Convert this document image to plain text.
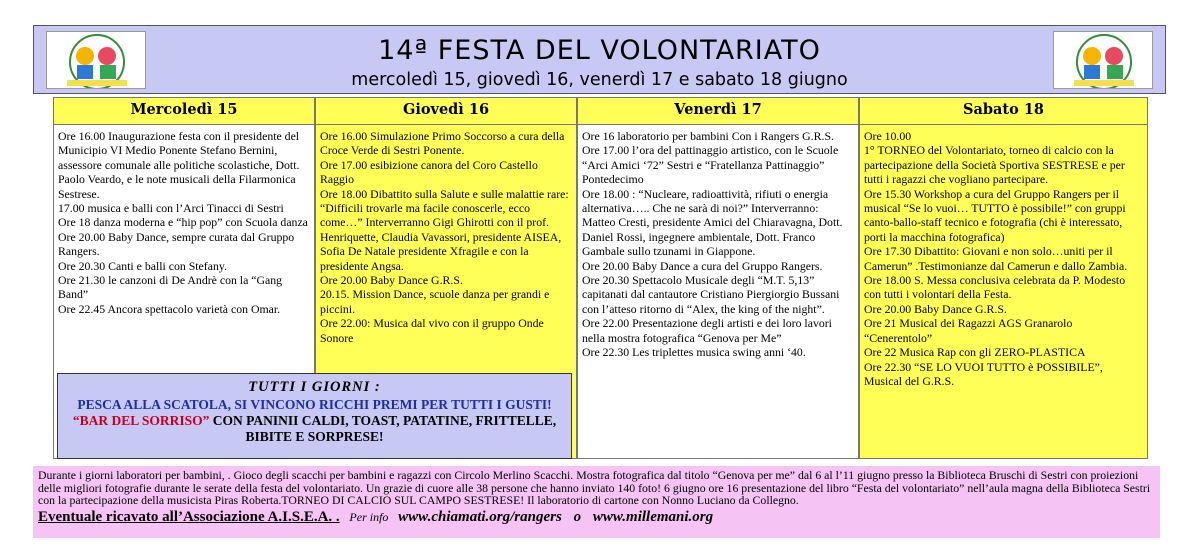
14ª FESTA DEL VOLONTARIATO
mercoledì 15, giovedì 16, venerdì 17 e sabato 18 giugno
Mercoledì 15

Ore 16.00 Inaugurazione festa con il presidente del Municipio VI Medio Ponente Stefano Bernini, assessore comunale alle politiche scolastiche, Dott. Paolo Veardo, e le note musicali della Filarmonica Sestrese.

17.00 musica e balli con l’Arci Tinacci di Sestri

Ore 18 danza moderna e “hip pop” con Scuola danza

Ore 20.00 Baby Dance, sempre curata dal Gruppo Rangers.

Ore 20.30 Canti e balli con Stefany.

Ore 21.30 le canzoni di De Andrè con la “Gang Band”

Ore 22.45 Ancora spettacolo varietà con Omar.

Giovedì 16

Ore 16.00 Simulazione Primo Soccorso a cura della Croce Verde di Sestri Ponente.

Ore 17.00 esibizione canora del Coro Castello Raggio

Ore 18.00 Dibattito sulla Salute e sulle malattie rare: “Difficili trovarle ma facile conoscerle, ecco come…” Interverranno Gigi Ghirotti con il prof. Henriquette, Claudia Vavassori, presidente AISEA, Sofia De Natale presidente Xfragile e con la presidente Angsa.

Ore 20.00 Baby Dance G.R.S.

20.15. Mission Dance, scuole danza per grandi e piccini.

Ore 22.00: Musica dal vivo con il gruppo Onde Sonore

Venerdì 17

Ore 16 laboratorio per bambini Con i Rangers G.R.S.

Ore 17.00 l’ora del pattinaggio artistico, con le Scuole “Arci Amici ‘72” Sestri e “Fratellanza Pattinaggio” Pontedecimo

Ore 18.00 : “Nucleare, radioattività, rifiuti o energia alternativa….. Che ne sarà di noi?” Interverranno: Matteo Cresti, presidente Amici del Chiaravagna, Dott. Daniel Rossi, ingegnere ambientale, Dott. Franco Gambale sullo tzunami in Giappone.

Ore 20.00 Baby Dance a cura del Gruppo Rangers.

Ore 20.30 Spettacolo Musicale degli “M.T. 5,13” capitanati dal cantautore Cristiano Piergiorgio Bussani con l’atteso ritorno di “Alex, the king of the night”.

Ore 22.00 Presentazione degli artisti e dei loro lavori nella mostra fotografica “Genova per Me”

Ore 22.30 Les triplettes musica swing anni ‘40.

Sabato 18

Ore 10.00

1° TORNEO del Volontariato, torneo di calcio con la partecipazione della Società Sportiva SESTRESE e per tutti i ragazzi che vogliano partecipare.

Ore 15.30 Workshop a cura del Gruppo Rangers per il musical “Se lo vuoi… TUTTO è possibile!” con gruppi canto-ballo-staff tecnico e fotografia (chi è interessato, porti la macchina fotografica)

Ore 17.30 Dibattito: Giovani e non solo…uniti per il Camerun” .Testimonianze dal Camerun e dallo Zambia.

Ore 18.00 S. Messa conclusiva celebrata da P. Modesto con tutti i volontari della Festa.

Ore 20.00 Baby Dance G.R.S.

Ore 21 Musical dei Ragazzi AGS Granarolo “Cenerentolo”

Ore 22 Musica Rap con gli ZERO-PLASTICA

Ore 22.30 “SE LO VUOI TUTTO è POSSIBILE”, Musical del G.R.S.

TUTTI I GIORNI :
PESCA ALLA SCATOLA, SI VINCONO RICCHI PREMI PER TUTTI I GUSTI!
“BAR DEL SORRISO” CON PANINII CALDI, TOAST, PATATINE, FRITTELLE, BIBITE E SORPRESE!
Durante i giorni laboratori per bambini, . Gioco degli scacchi per bambini e ragazzi con Circolo Merlino Scacchi. Mostra fotografica dal titolo “Genova per me” dal 6 al l’11 giugno presso la Biblioteca Bruschi di Sestri con proiezioni delle migliori fotografie durante le serate della festa del volontariato. Un grazie di cuore alle 38 persone che hanno inviato 140 foto! 6 giugno ore 16 presentazione del libro “Festa del volontariato” nell’aula magna della Biblioteca Sestri con la partecipazione della musicista Piras Roberta.TORNEO DI CALCIO SUL CAMPO SESTRESE! Il laboratorio di cartone con Nonno Luciano da Collegno.
Eventuale ricavato all’Associazione A.I.S.E.A. . Per info www.chiamati.org/rangers o www.millemani.org
